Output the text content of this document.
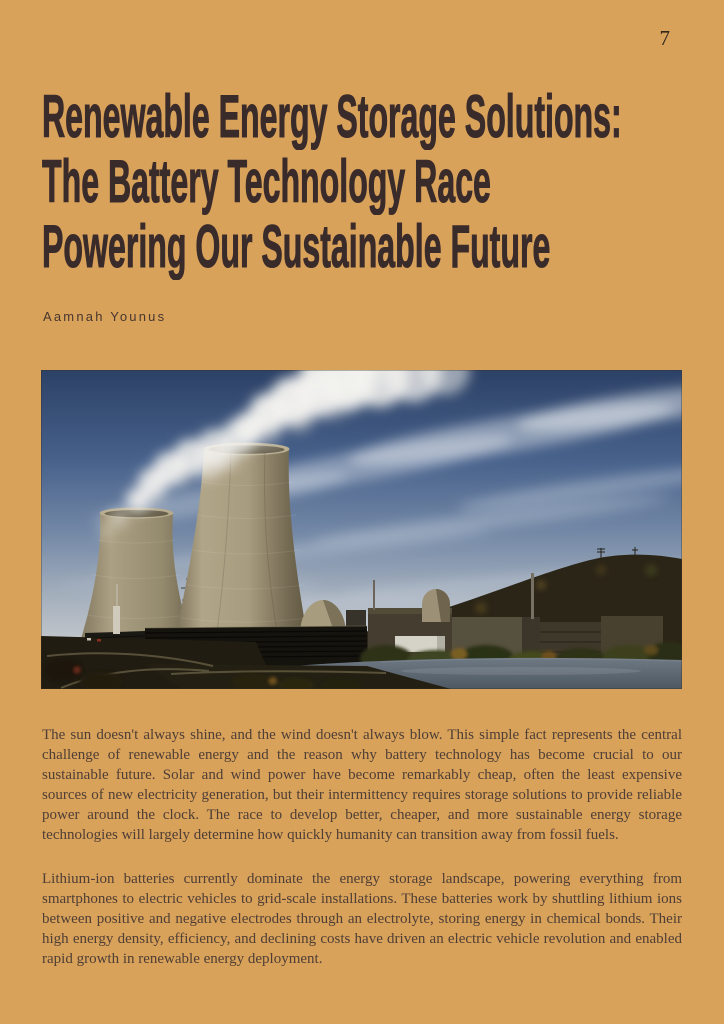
7
Renewable Energy Storage Solutions:
The Battery Technology Race
Powering Our Sustainable Future
Aamnah Younus

The sun doesn't always shine, and the wind doesn't always blow. This simple fact represents the central challenge of renewable energy and the reason why battery technology has become crucial to our sustainable future. Solar and wind power have become remarkably cheap, often the least expensive sources of new electricity generation, but their intermittency requires storage solutions to provide reliable power around the clock. The race to develop better, cheaper, and more sustainable energy storage technologies will largely determine how quickly humanity can transition away from fossil fuels.

Lithium-ion batteries currently dominate the energy storage landscape, powering everything from smartphones to electric vehicles to grid-scale installations. These batteries work by shuttling lithium ions between positive and negative electrodes through an electrolyte, storing energy in chemical bonds. Their high energy density, efficiency, and declining costs have driven an electric vehicle revolution and enabled rapid growth in renewable energy deployment.
